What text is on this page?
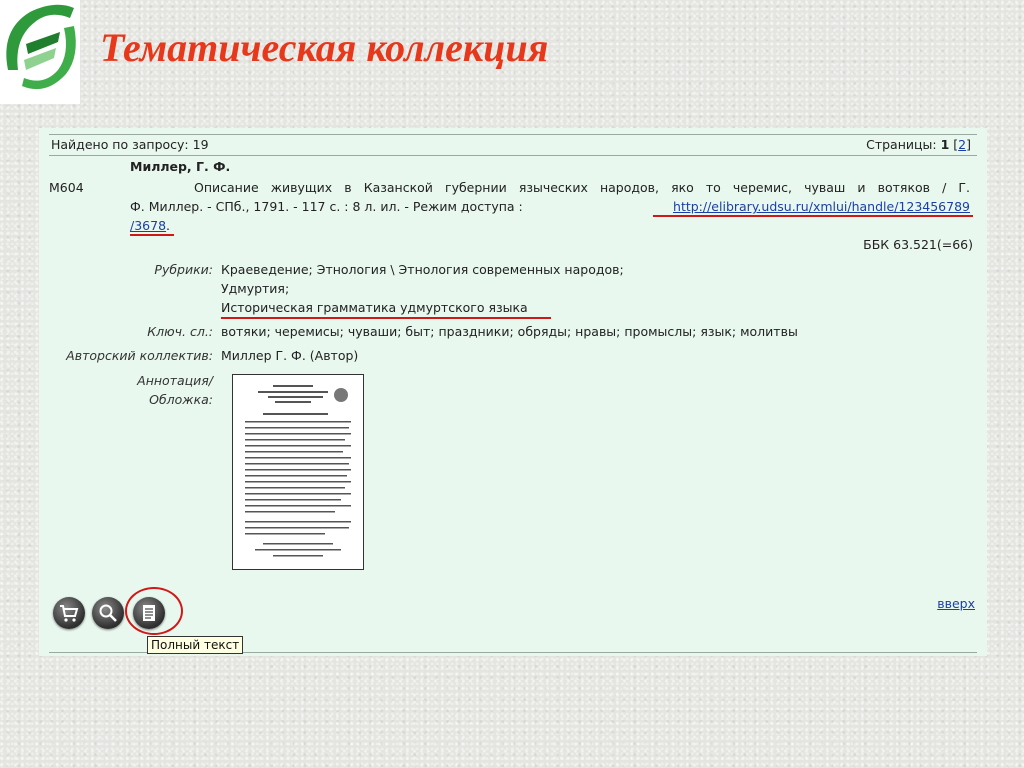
Тематическая коллекция
Найдено по запросу: 19	Страницы: 1 [2]
М604
Миллер, Г. Ф.
Описание живущих в Казанской губернии языческих народов, яко то черемис, чуваш и вотяков / Г.
Ф. Миллер. - СПб., 1791. - 117 с. : 8 л. ил. - Режим доступа :	http://elibrary.udsu.ru/xmlui/handle/123456789
/3678.
ББК 63.521(=66)
Рубрики: Краеведение; Этнология \ Этнология современных народов;
Удмуртия;
Историческая грамматика удмуртского языка
Ключ. сл.: вотяки; черемисы; чуваши; быт; праздники; обряды; нравы; промыслы; язык; молитвы
Авторский коллектив: Миллер Г. Ф. (Автор)
Аннотация/
Обложка:
вверх
Полный текст
